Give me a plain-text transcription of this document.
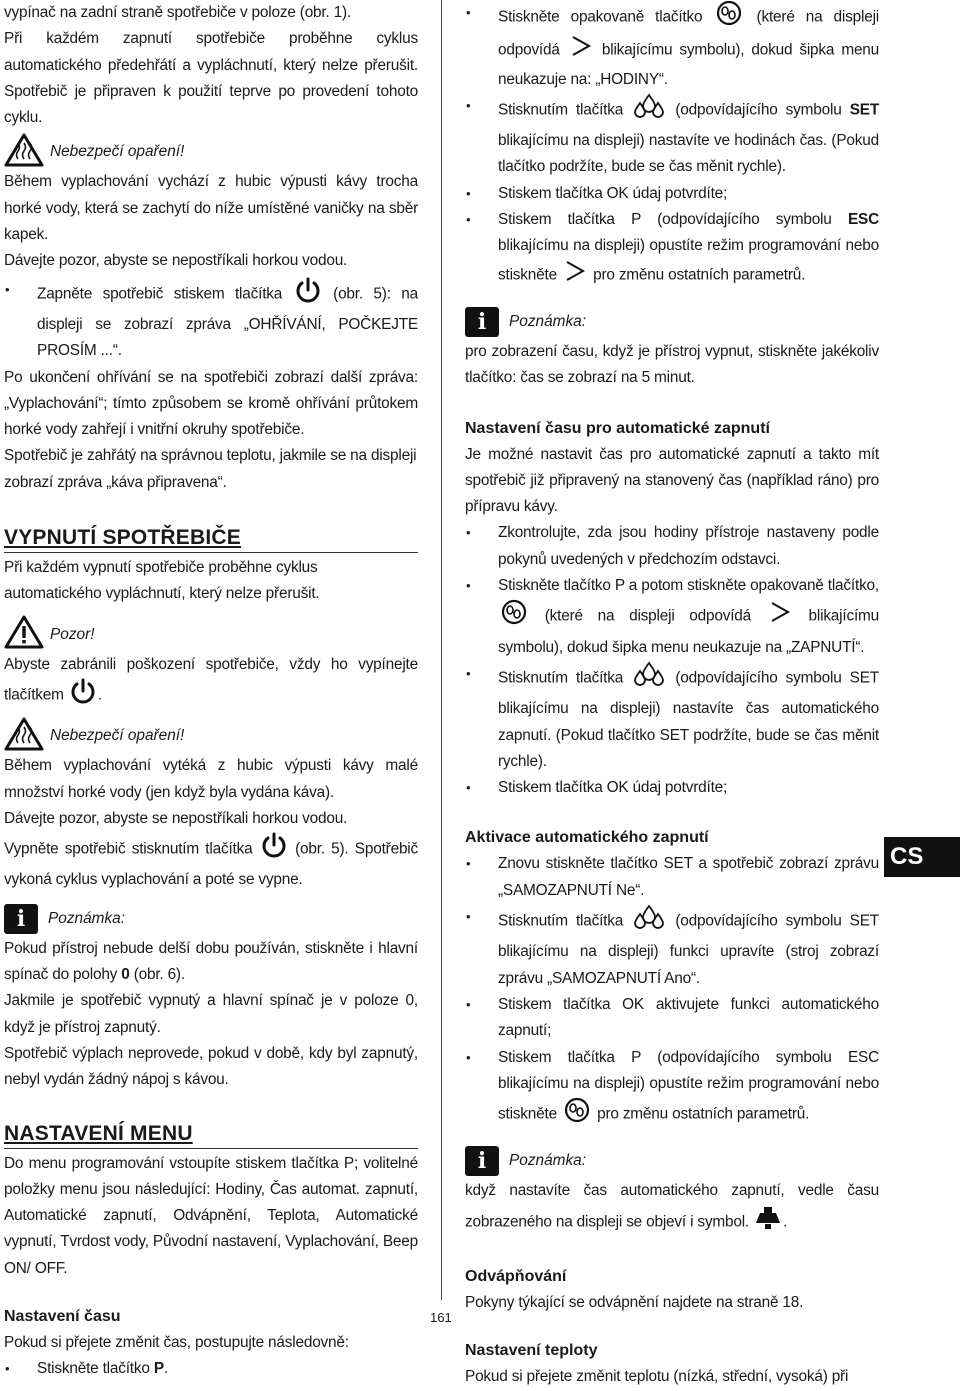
vypínač na zadní straně spotřebiče v poloze (obr. 1).

Při každém zapnutí spotřebiče proběhne cyklus automatického předehřátí a vypláchnutí, který nelze přerušit. Spotřebič je připraven k použití teprve po provedení tohoto cyklu.

Nebezpečí opaření!

Během vyplachování vychází z hubic výpusti kávy trocha horké vody, která se zachytí do níže umístěné vaničky na sběr kapek.

Dávejte pozor, abyste se nepostříkali horkou vodou.

• Zapněte spotřebič stiskem tlačítka	(obr. 5): na displeji se zobrazí zpráva „OHŘÍVÁNÍ, POČKEJTE PROSÍM ...“.

Po ukončení ohřívání se na spotřebiči zobrazí další zpráva: „Vyplachování“; tímto způsobem se kromě ohřívání průtokem horké vody zahřejí i vnitřní okruhy spotřebiče.

Spotřebič je zahřátý na správnou teplotu, jakmile se na displeji zobrazí zpráva „káva připravena“.

VYPNUTÍ SPOTŘEBIČE

Při každém vypnutí spotřebiče proběhne cyklus automatického vypláchnutí, který nelze přerušit.

Pozor!

Abyste zabránili poškození spotřebiče, vždy ho vypínejte tlačítkem .

Nebezpečí opaření!

Během vyplachování vytéká z hubic výpusti kávy malé množství horké vody (jen když byla vydána káva).

Dávejte pozor, abyste se nepostříkali horkou vodou.

Vypněte spotřebič stisknutím tlačítka	(obr. 5). Spotřebič vykoná cyklus vyplachování a poté se vypne.

i	Poznámka:

Pokud přístroj nebude delší dobu používán, stiskněte i hlavní spínač do polohy 0 (obr. 6).

Jakmile je spotřebič vypnutý a hlavní spínač je v poloze 0, když je přístroj zapnutý.

Spotřebič výplach neprovede, pokud v době, kdy byl zapnutý, nebyl vydán žádný nápoj s kávou.

NASTAVENÍ MENU

Do menu programování vstoupíte stiskem tlačítka P; volitelné položky menu jsou následující: Hodiny, Čas automat. zapnutí, Automatické zapnutí, Odvápnění, Teplota, Automatické vypnutí, Tvrdost vody, Původní nastavení, Vyplachování, Beep ON/ OFF.

Nastavení času

Pokud si přejete změnit čas, postupujte následovně:

• Stiskněte tlačítko P.
• Stiskněte opakovaně tlačítko	(které na displeji odpovídá	blikajícímu symbolu), dokud šipka menu neukazuje na: „HODINY“.
• Stisknutím tlačítka	(odpovídajícího symbolu SET blikajícímu na displeji) nastavíte ve hodinách čas. (Pokud tlačítko podržíte, bude se čas měnit rychle).
• Stiskem tlačítka OK údaj potvrdíte;
• Stiskem tlačítka P (odpovídajícího symbolu ESC blikajícímu na displeji) opustíte režim programování nebo stiskněte pro změnu ostatních parametrů.
i	Poznámka:

pro zobrazení času, když je přístroj vypnut, stiskněte jakékoliv tlačítko: čas se zobrazí na 5 minut.

Nastavení času pro automatické zapnutí

Je možné nastavit čas pro automatické zapnutí a takto mít spotřebič již připravený na stanovený čas (například ráno) pro přípravu kávy.

• Zkontrolujte, zda jsou hodiny přístroje nastaveny podle pokynů uvedených v předchozím odstavci.
• Stiskněte tlačítko P a potom stiskněte opakovaně tlačítko,  (které na displeji odpovídá	blikajícímu symbolu), dokud šipka menu neukazuje na „ZAPNUTÍ“.
• Stisknutím tlačítka	(odpovídajícího symbolu SET blikajícímu na displeji) nastavíte čas automatického zapnutí. (Pokud tlačítko SET podržíte, bude se čas měnit rychle).
• Stiskem tlačítka OK údaj potvrdíte;
Aktivace automatického zapnutí
• Znovu stiskněte tlačítko SET a spotřebič zobrazí zprávu „SAMOZAPNUTÍ Ne“.
• Stisknutím tlačítka	(odpovídajícího symbolu SET blikajícímu na displeji) funkci upravíte (stroj zobrazí zprávu „SAMOZAPNUTÍ Ano“.
• Stiskem tlačítka OK aktivujete funkci automatického zapnutí;
• Stiskem tlačítka P (odpovídajícího symbolu ESC blikajícímu na displeji) opustíte režim programování nebo stiskněte	pro změnu ostatních parametrů.
i	Poznámka:

když nastavíte čas automatického zapnutí, vedle času zobrazeného na displeji se objeví i symbol. .

Odvápňování

Pokyny týkající se odvápnění najdete na straně 18.

Nastavení teploty

Pokud si přejete změnit teplotu (nízká, střední, vysoká) při

CS
161
